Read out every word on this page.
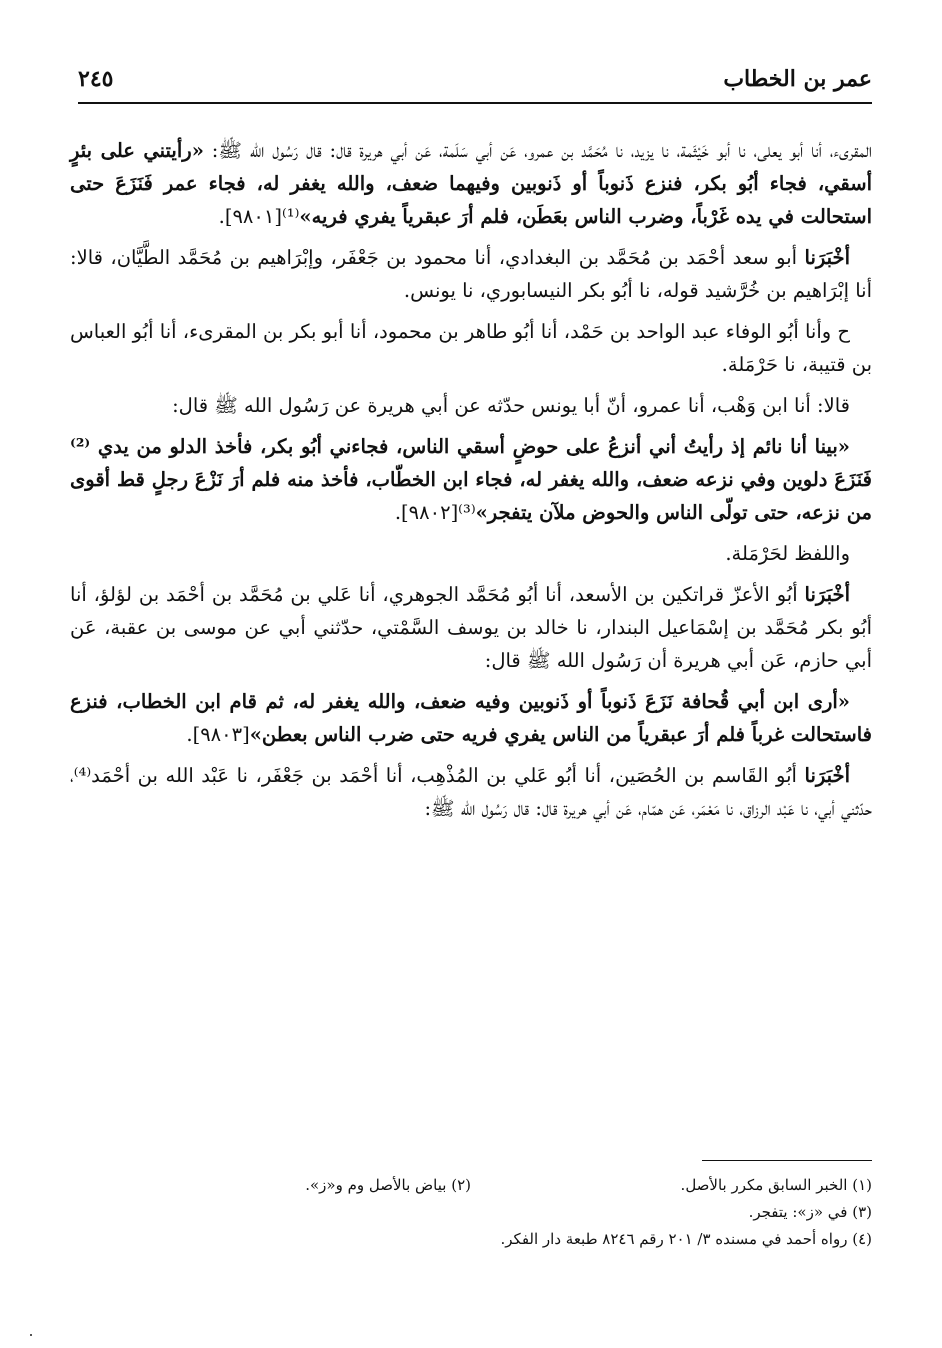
عمر بن الخطاب
٢٤٥

المقرىء، أنا أبو يعلى، نا أبو خَيْثَمة، نا يزيد، نا مُحَمَّد بن عمرو، عَن أبي سَلَمة، عَن أبي هريرة قال: قال رَسُول الله ﷺ: «رأيتني على بئرٍ أسقي، فجاء أبُو بكر، فنزع ذَنوباً أو ذَنوبين وفيهما ضعف، والله يغفر له، فجاء عمر فَنَزَعَ حتى استحالت في يده غَرْباً، وضرب الناس بعَطَن، فلم أرَ عبقرياً يفري فريه»⁽¹⁾[٩٨٠١].

أخْبَرَنا أبو سعد أحْمَد بن مُحَمَّد بن البغدادي، أنا محمود بن جَعْفَر، وإبْرَاهيم بن مُحَمَّد الطَّيَّان، قالا: أنا إبْرَاهيم بن خُرَّشيد قوله، نا أبُو بكر النيسابوري، نا يونس.

ح وأنا أبُو الوفاء عبد الواحد بن حَمْد، أنا أبُو طاهر بن محمود، أنا أبو بكر بن المقرىء، أنا أبُو العباس بن قتيبة، نا حَرْمَلة.

قالا: أنا ابن وَهْب، أنا عمرو، أنّ أبا يونس حدّثه عن أبي هريرة عن رَسُول الله ﷺ قال:

«بينا أنا نائم إذ رأيتُ أني أنزعُ على حوضٍ أسقي الناس، فجاءني أبُو بكر، فأخذ الدلو من يدي ⁽²⁾ فَنَزَعَ دلوين وفي نزعه ضعف، والله يغفر له، فجاء ابن الخطّاب، فأخذ منه فلم أرَ نَزْعَ رجلٍ قط أقوى من نزعه، حتى تولّى الناس والحوض ملآن يتفجر»⁽³⁾[٩٨٠٢].

واللفظ لحَرْمَلة.

أخْبَرَنا أبُو الأعزّ قراتكين بن الأسعد، أنا أبُو مُحَمَّد الجوهري، أنا عَلي بن مُحَمَّد بن أحْمَد بن لؤلؤ، أنا أبُو بكر مُحَمَّد بن إسْمَاعيل البندار، نا خالد بن يوسف السَّمْتي، حدّثني أبي عن موسى بن عقبة، عَن أبي حازم، عَن أبي هريرة أن رَسُول الله ﷺ قال:

«أرى ابن أبي قُحافة نَزَعَ ذَنوباً أو ذَنوبين وفيه ضعف، والله يغفر له، ثم قام ابن الخطاب، فنزع فاستحالت غرباً فلم أرَ عبقرياً من الناس يفري فريه حتى ضرب الناس بعطن»[٩٨٠٣].

أخْبَرَنا أبُو القَاسم بن الحُصَين، أنا أبُو عَلي بن المُذْهِب، أنا أحْمَد بن جَعْفَر، نا عَبْد الله بن أحْمَد⁽⁴⁾، حدّثني أبي، نا عَبْد الرزاق، نا مَعْمَر، عَن همّام، عَن أبي هريرة قال: قال رَسُول الله ﷺ:

(١) الخبر السابق مكرر بالأصل.
(٢) بياض بالأصل وم و«ز».
(٣) في «ز»: يتفجر.
(٤) رواه أحمد في مسنده ٣/ ٢٠١ رقم ٨٢٤٦ طبعة دار الفكر.
